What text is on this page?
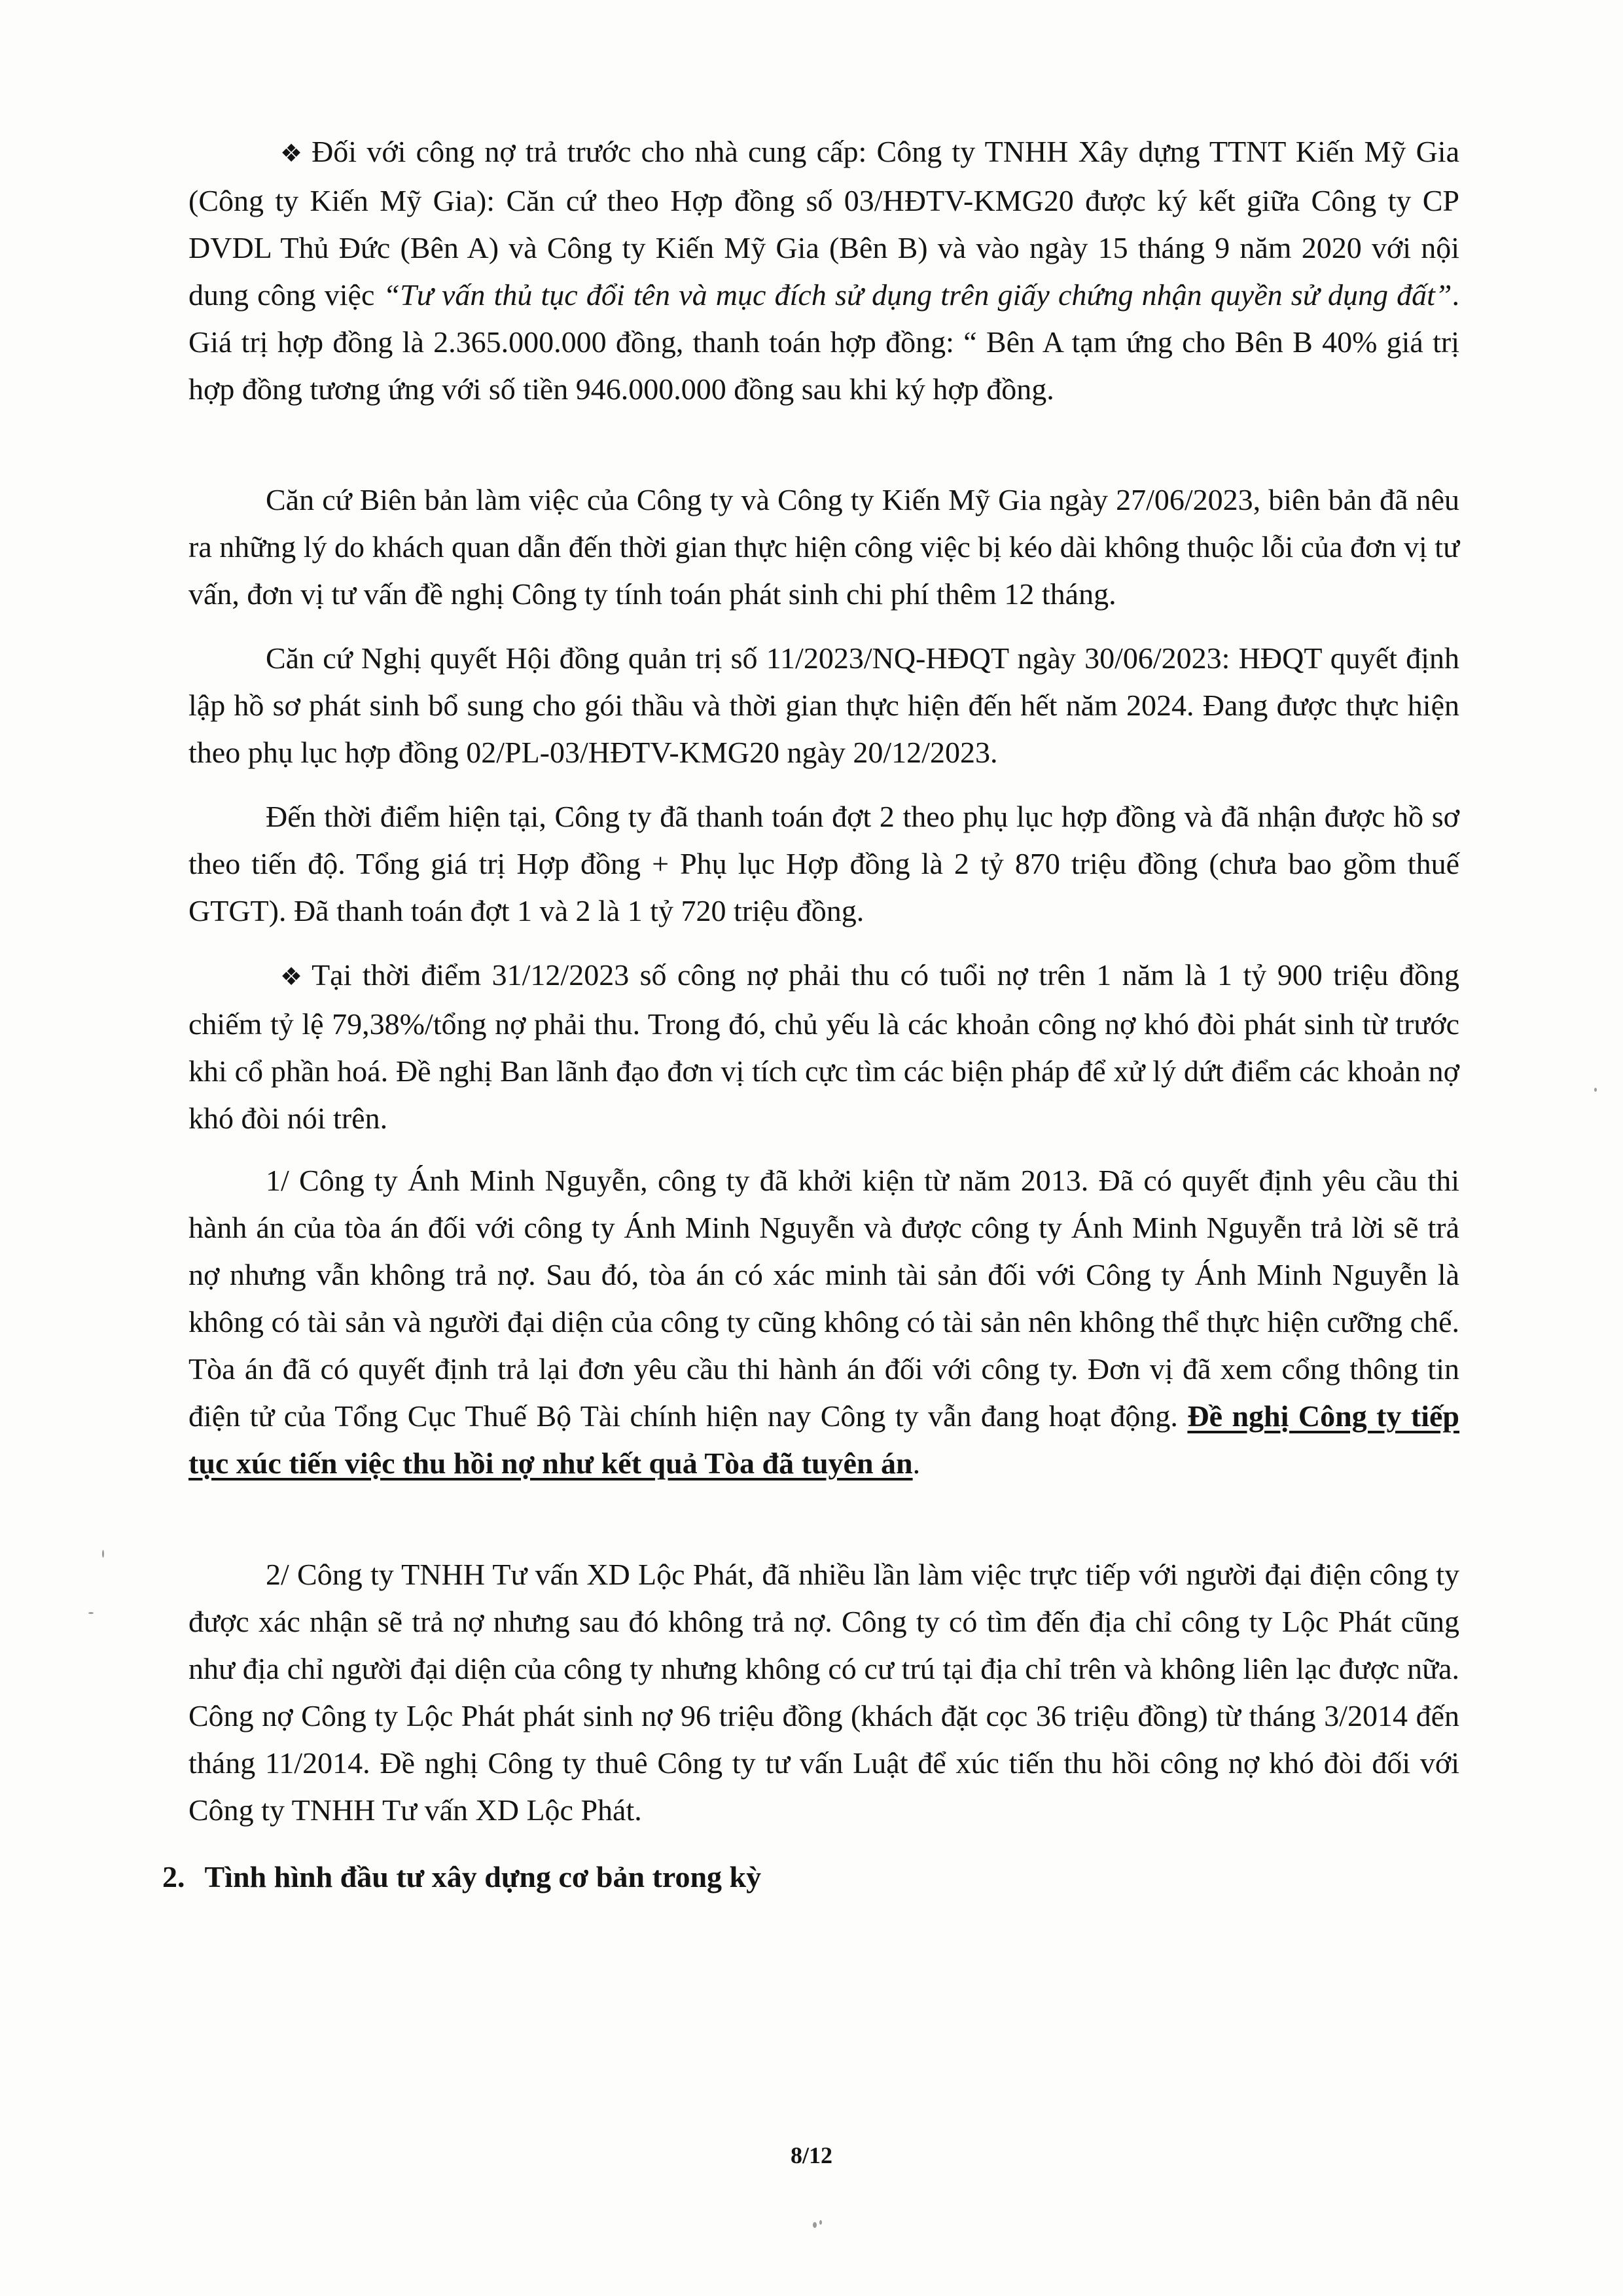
❖ Đối với công nợ trả trước cho nhà cung cấp: Công ty TNHH Xây dựng TTNT Kiến Mỹ Gia (Công ty Kiến Mỹ Gia): Căn cứ theo Hợp đồng số 03/HĐTV-KMG20 được ký kết giữa Công ty CP DVDL Thủ Đức (Bên A) và Công ty Kiến Mỹ Gia (Bên B) và vào ngày 15 tháng 9 năm 2020 với nội dung công việc “Tư vấn thủ tục đổi tên và mục đích sử dụng trên giấy chứng nhận quyền sử dụng đất”. Giá trị hợp đồng là 2.365.000.000 đồng, thanh toán hợp đồng: “ Bên A tạm ứng cho Bên B 40% giá trị hợp đồng tương ứng với số tiền 946.000.000 đồng sau khi ký hợp đồng.

Căn cứ Biên bản làm việc của Công ty và Công ty Kiến Mỹ Gia ngày 27/06/2023, biên bản đã nêu ra những lý do khách quan dẫn đến thời gian thực hiện công việc bị kéo dài không thuộc lỗi của đơn vị tư vấn, đơn vị tư vấn đề nghị Công ty tính toán phát sinh chi phí thêm 12 tháng.

Căn cứ Nghị quyết Hội đồng quản trị số 11/2023/NQ-HĐQT ngày 30/06/2023: HĐQT quyết định lập hồ sơ phát sinh bổ sung cho gói thầu và thời gian thực hiện đến hết năm 2024. Đang được thực hiện theo phụ lục hợp đồng 02/PL-03/HĐTV-KMG20 ngày 20/12/2023.

Đến thời điểm hiện tại, Công ty đã thanh toán đợt 2 theo phụ lục hợp đồng và đã nhận được hồ sơ theo tiến độ. Tổng giá trị Hợp đồng + Phụ lục Hợp đồng là 2 tỷ 870 triệu đồng (chưa bao gồm thuế GTGT). Đã thanh toán đợt 1 và 2 là 1 tỷ 720 triệu đồng.

❖ Tại thời điểm 31/12/2023 số công nợ phải thu có tuổi nợ trên 1 năm là 1 tỷ 900 triệu đồng chiếm tỷ lệ 79,38%/tổng nợ phải thu. Trong đó, chủ yếu là các khoản công nợ khó đòi phát sinh từ trước khi cổ phần hoá. Đề nghị Ban lãnh đạo đơn vị tích cực tìm các biện pháp để xử lý dứt điểm các khoản nợ khó đòi nói trên.

1/ Công ty Ánh Minh Nguyễn, công ty đã khởi kiện từ năm 2013. Đã có quyết định yêu cầu thi hành án của tòa án đối với công ty Ánh Minh Nguyễn và được công ty Ánh Minh Nguyễn trả lời sẽ trả nợ nhưng vẫn không trả nợ. Sau đó, tòa án có xác minh tài sản đối với Công ty Ánh Minh Nguyễn là không có tài sản và người đại diện của công ty cũng không có tài sản nên không thể thực hiện cưỡng chế. Tòa án đã có quyết định trả lại đơn yêu cầu thi hành án đối với công ty. Đơn vị đã xem cổng thông tin điện tử của Tổng Cục Thuế Bộ Tài chính hiện nay Công ty vẫn đang hoạt động. Đề nghị Công ty tiếp tục xúc tiến việc thu hồi nợ như kết quả Tòa đã tuyên án.

2/ Công ty TNHH Tư vấn XD Lộc Phát, đã nhiều lần làm việc trực tiếp với người đại điện công ty được xác nhận sẽ trả nợ nhưng sau đó không trả nợ. Công ty có tìm đến địa chỉ công ty Lộc Phát cũng như địa chỉ người đại diện của công ty nhưng không có cư trú tại địa chỉ trên và không liên lạc được nữa. Công nợ Công ty Lộc Phát phát sinh nợ 96 triệu đồng (khách đặt cọc 36 triệu đồng) từ tháng 3/2014 đến tháng 11/2014. Đề nghị Công ty thuê Công ty tư vấn Luật để xúc tiến thu hồi công nợ khó đòi đối với Công ty TNHH Tư vấn XD Lộc Phát.

2. Tình hình đầu tư xây dựng cơ bản trong kỳ

8/12
